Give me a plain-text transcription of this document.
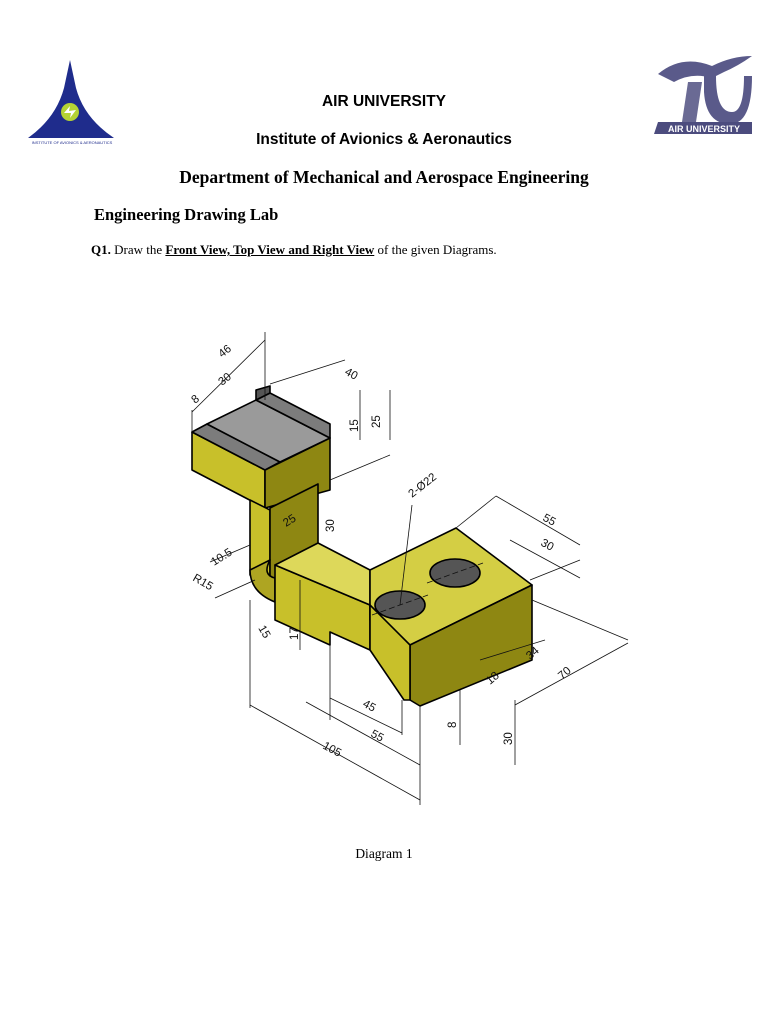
INSTITUTE OF AVIONICS & AERONAUTICS
AIR UNIVERSITY
AIR UNIVERSITY
Institute of Avionics & Aeronautics
Department of Mechanical and Aerospace Engineering
Engineering Drawing Lab
Q1. Draw the Front View, Top View and Right View of the given Diagrams.
46
30
8
40
15 25
2-Ø22
25 30	55
30
10.5
R15
15 17
34
18	70
45
55
8
30
105
Diagram 1
